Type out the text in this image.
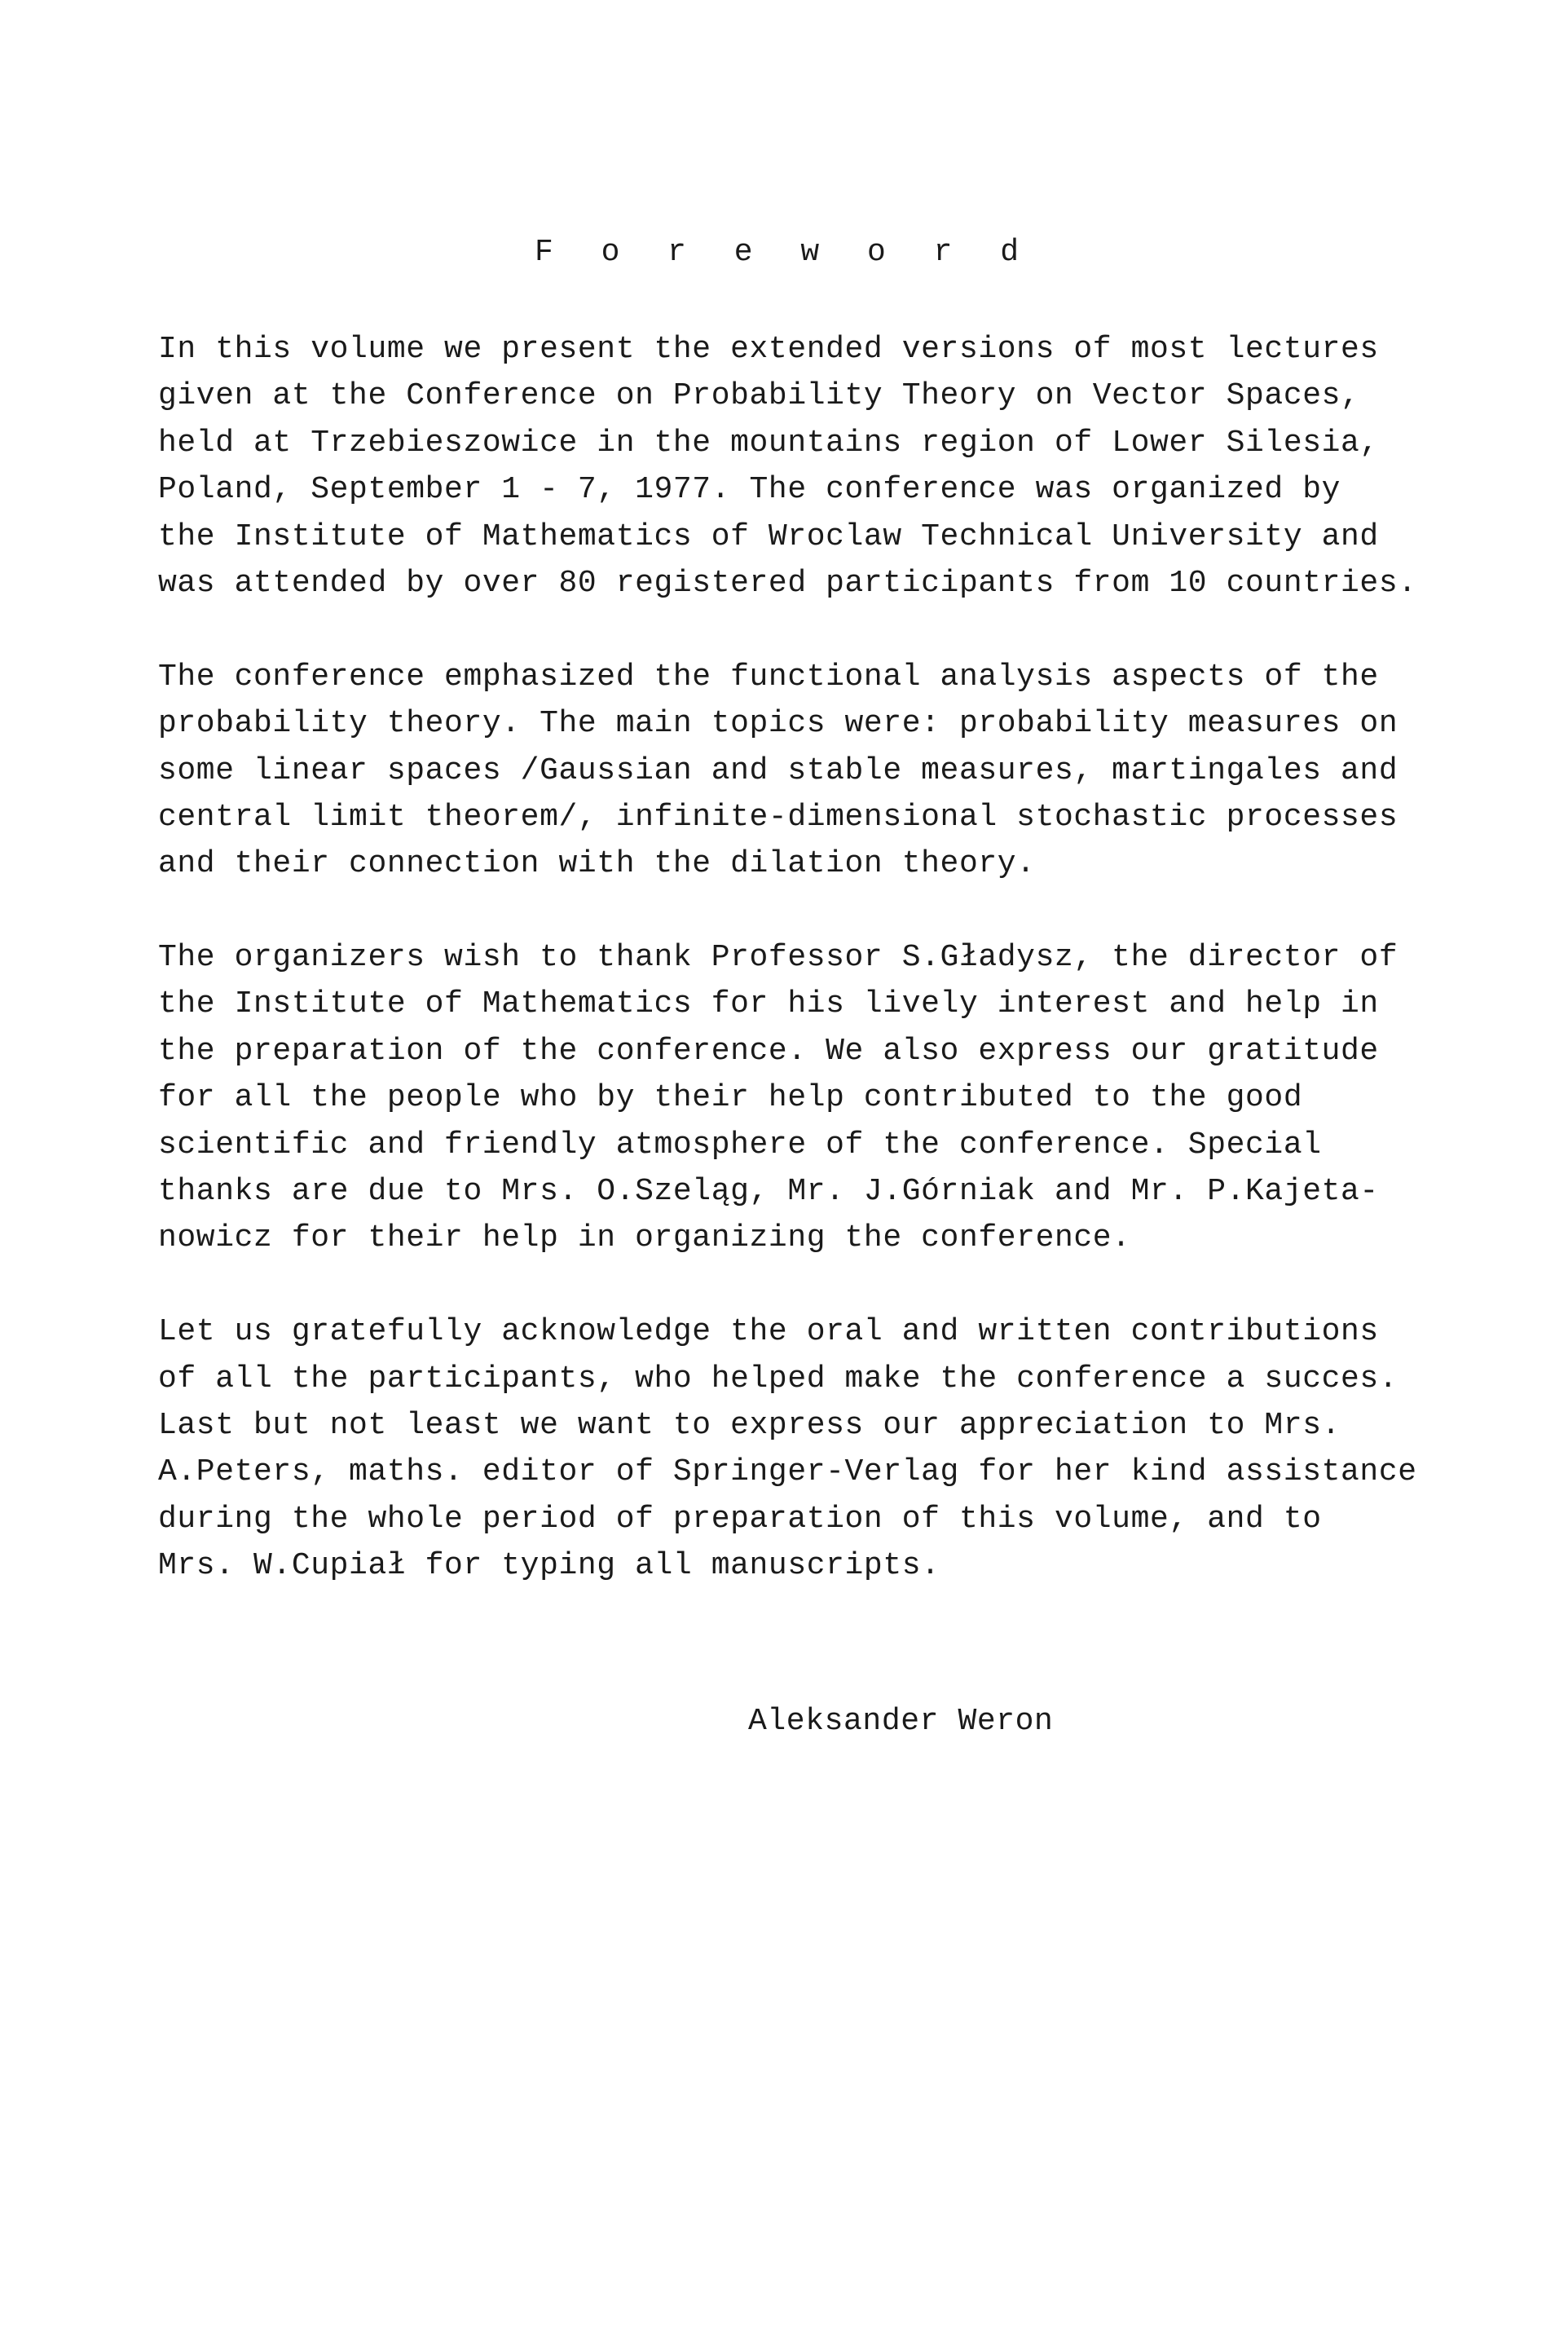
F o r e w o r d
In this volume we present the extended versions of most lectures
given at the Conference on Probability Theory on Vector Spaces,
held at Trzebieszowice in the mountains region of Lower Silesia,
Poland, September 1 - 7, 1977. The conference was organized by
the Institute of Mathematics of Wroclaw Technical University and
was attended by over 80 registered participants from 10 countries.
The conference emphasized the functional analysis aspects of the
probability theory. The main topics were: probability measures on
some linear spaces /Gaussian and stable measures, martingales and
central limit theorem/, infinite-dimensional stochastic processes
and their connection with the dilation theory.
The organizers wish to thank Professor S.Gładysz, the director of
the Institute of Mathematics for his lively interest and help in
the preparation of the conference. We also express our gratitude
for all the people who by their help contributed to the good
scientific and friendly atmosphere of the conference. Special
thanks are due to Mrs. O.Szeląg, Mr. J.Górniak and Mr. P.Kajeta-
nowicz for their help in organizing the conference.
Let us gratefully acknowledge the oral and written contributions
of all the participants, who helped make the conference a succes.
Last but not least we want to express our appreciation to Mrs.
A.Peters, maths. editor of Springer-Verlag for her kind assistance
during the whole period of preparation of this volume, and to
Mrs. W.Cupiał for typing all manuscripts.
Aleksander Weron
